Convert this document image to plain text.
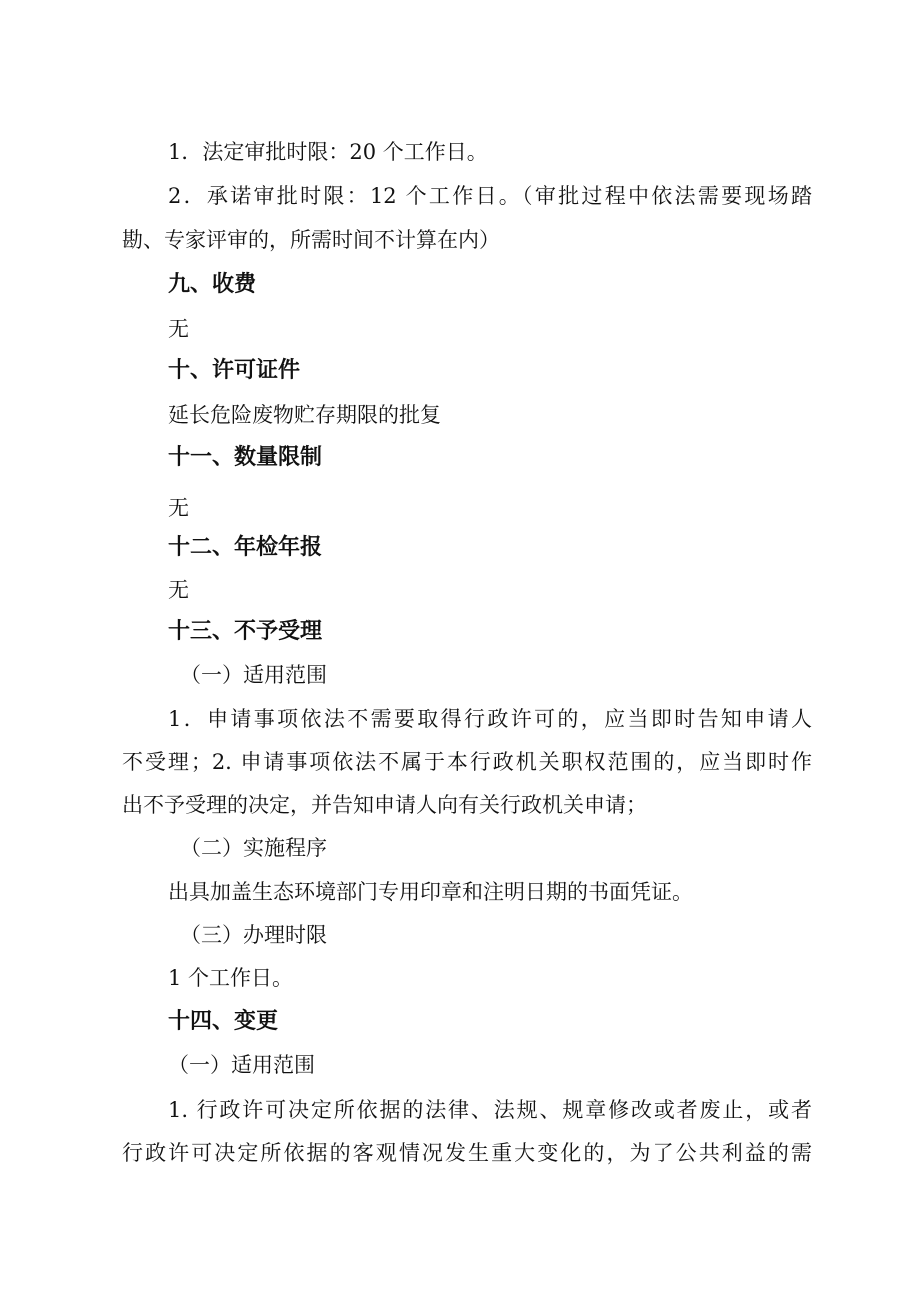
1．法定审批时限：20 个工作日。
2．承诺审批时限：12 个工作日。（审批过程中依法需要现场踏
勘、专家评审的，所需时间不计算在内）
九、收费
无
十、许可证件
延长危险废物贮存期限的批复
十一、数量限制
无
十二、年检年报
无
十三、不予受理
（一）适用范围
1．申请事项依法不需要取得行政许可的，应当即时告知申请人
不受理；2. 申请事项依法不属于本行政机关职权范围的，应当即时作
出不予受理的决定，并告知申请人向有关行政机关申请；
（二）实施程序
出具加盖生态环境部门专用印章和注明日期的书面凭证。
（三）办理时限
1 个工作日。
十四、变更
（一）适用范围
1. 行政许可决定所依据的法律、法规、规章修改或者废止，或者
行政许可决定所依据的客观情况发生重大变化的，为了公共利益的需
